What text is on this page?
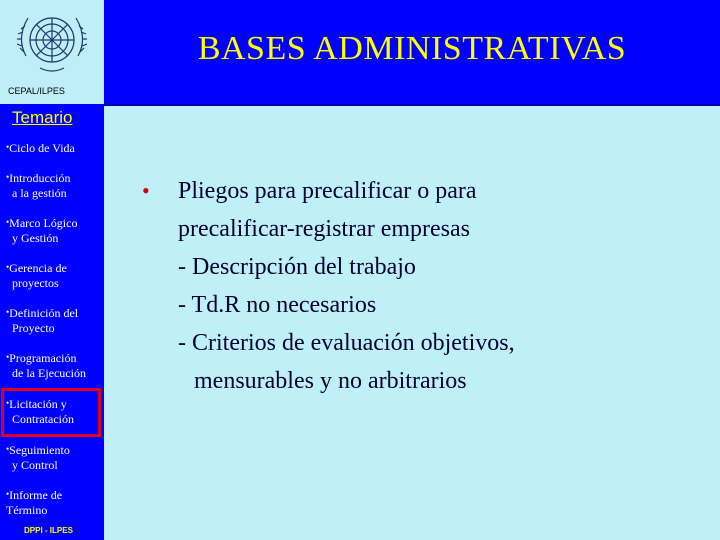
BASES ADMINISTRATIVAS
CEPAL/ILPES
Temario
•Ciclo de Vida
•Introducción
a la gestión
•Marco Lógico
y Gestión
•Gerencia de
proyectos
•Definición del
Proyecto
•Programación
de la Ejecución
•Licitación y
Contratación
•Seguimiento
y Control
•Informe de
Término
DPPI - ILPES
•	Pliegos para precalificar o para
precalificar-registrar empresas
- Descripción del trabajo
- Td.R no necesarios
- Criterios de evaluación objetivos,
mensurables y no arbitrarios
